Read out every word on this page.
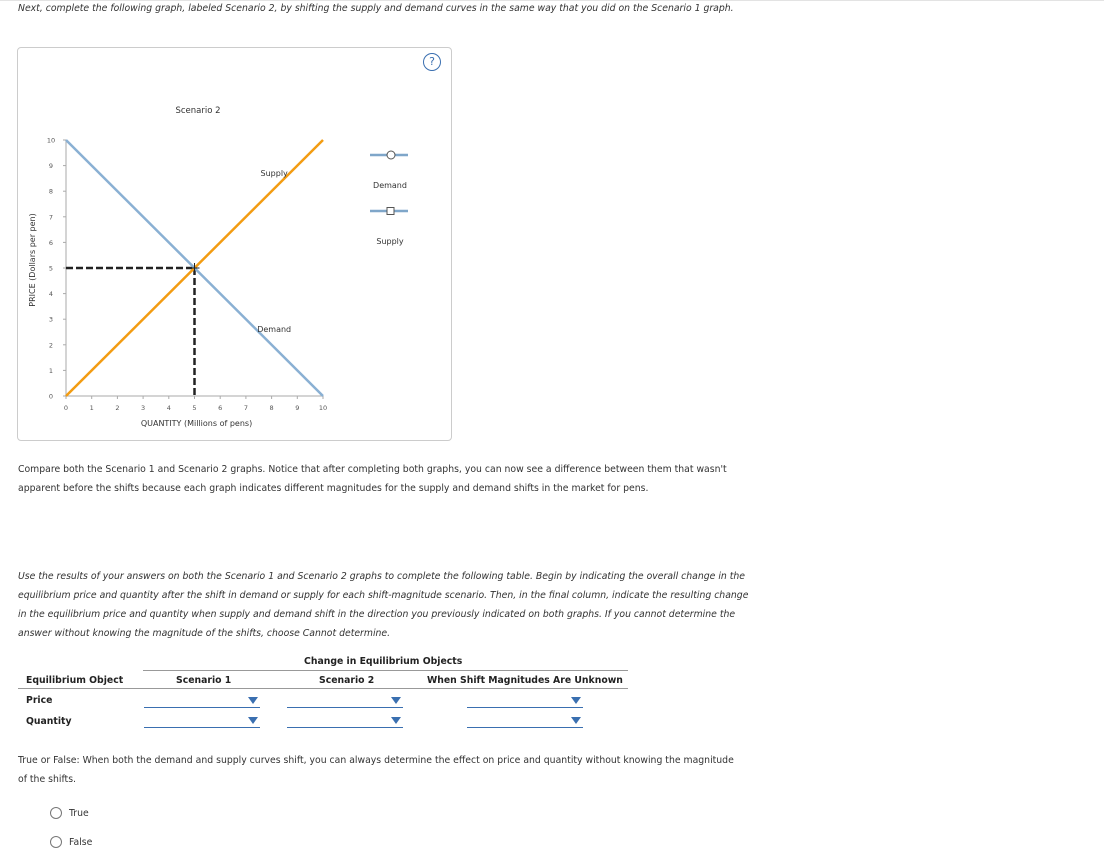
Next, complete the following graph, labeled Scenario 2, by shifting the supply and demand curves in the same way that you did on the Scenario 1 graph.
0	1	2	3	4	5	6	7	8	9	10
0
1
2
3
4
5
6
7
8
9
10
QUANTITY (Millions of pens)
PRICE (Dollars per pen)
Scenario 2
Supply
Demand
Demand
Supply
?
Compare both the Scenario 1 and Scenario 2 graphs. Notice that after completing both graphs, you can now see a difference between them that wasn't apparent before the shifts because each graph indicates different magnitudes for the supply and demand shifts in the market for pens.
Use the results of your answers on both the Scenario 1 and Scenario 2 graphs to complete the following table. Begin by indicating the overall change in the equilibrium price and quantity after the shift in demand or supply for each shift-magnitude scenario. Then, in the final column, indicate the resulting change in the equilibrium price and quantity when supply and demand shift in the direction you previously indicated on both graphs. If you cannot determine the answer without knowing the magnitude of the shifts, choose Cannot determine.
Change in Equilibrium Objects
Equilibrium Object	Scenario 1	Scenario 2	When Shift Magnitudes Are Unknown
Price
Quantity
True or False: When both the demand and supply curves shift, you can always determine the effect on price and quantity without knowing the magnitude of the shifts.
True
False
